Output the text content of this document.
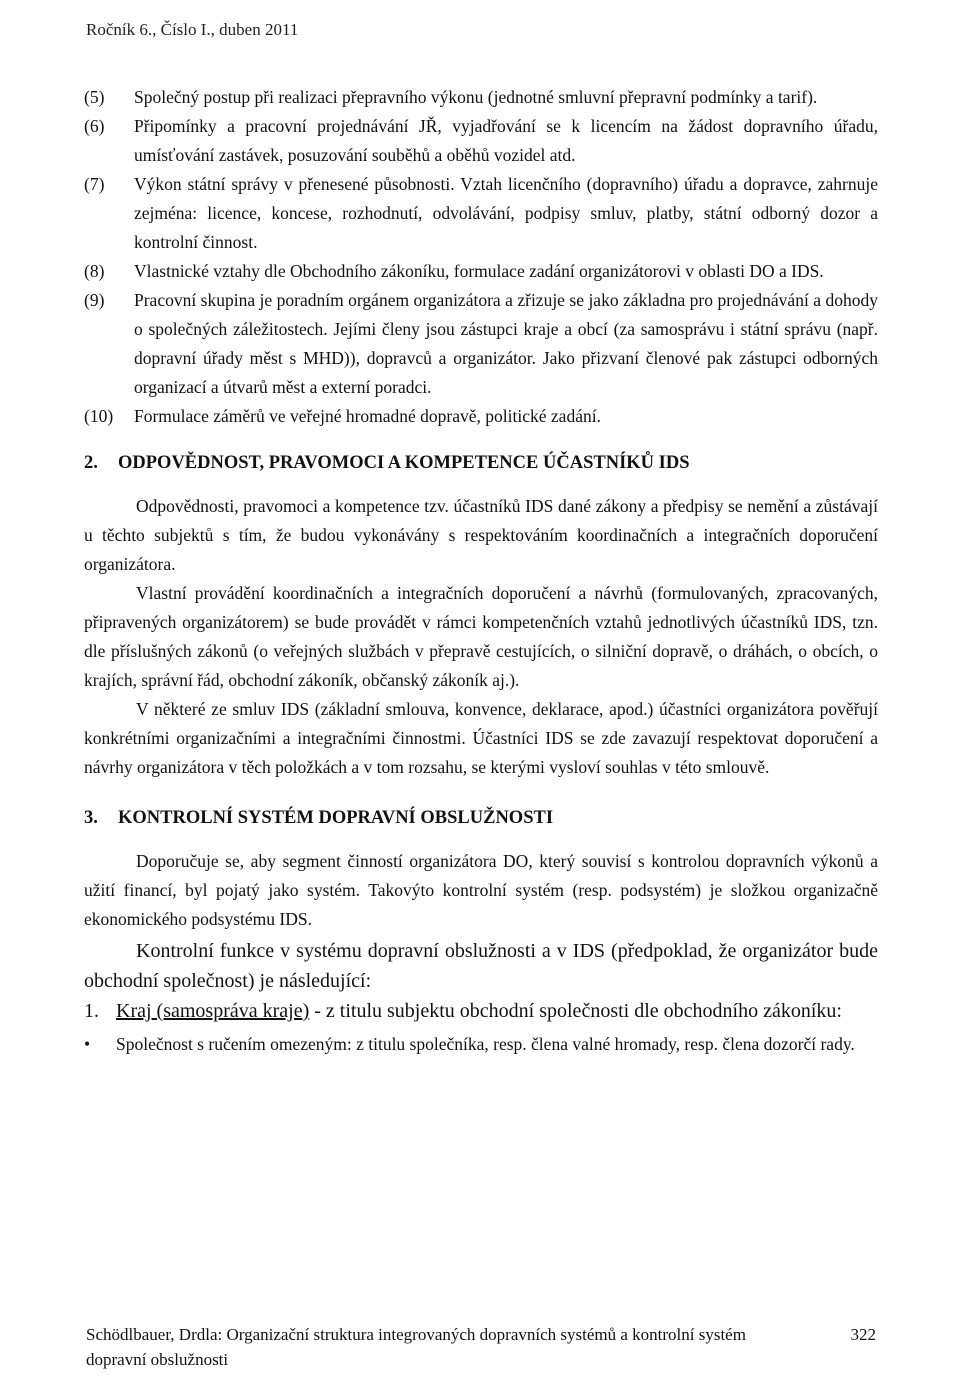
Ročník 6., Číslo I., duben 2011
(5)	Společný postup při realizaci přepravního výkonu (jednotné smluvní přepravní podmínky a tarif).
(6)	Připomínky a pracovní projednávání JŘ, vyjadřování se k licencím na žádost dopravního úřadu, umísťování zastávek, posuzování souběhů a oběhů vozidel atd.
(7)	Výkon státní správy v přenesené působnosti. Vztah licenčního (dopravního) úřadu a dopravce, zahrnuje zejména: licence, koncese, rozhodnutí, odvolávání, podpisy smluv, platby, státní odborný dozor a kontrolní činnost.
(8)	Vlastnické vztahy dle Obchodního zákoníku, formulace zadání organizátorovi v oblasti DO a IDS.
(9)	Pracovní skupina je poradním orgánem organizátora a zřizuje se jako základna pro projednávání a dohody o společných záležitostech. Jejími členy jsou zástupci kraje a obcí (za samosprávu i státní správu (např. dopravní úřady měst s MHD)), dopravců a organizátor. Jako přizvaní členové pak zástupci odborných organizací a útvarů měst a externí poradci.
(10)	Formulace záměrů ve veřejné hromadné dopravě, politické zadání.
2.	ODPOVĚDNOST, PRAVOMOCI A KOMPETENCE ÚČASTNÍKŮ IDS

Odpovědnosti, pravomoci a kompetence tzv. účastníků IDS dané zákony a předpisy se nemění a zůstávají u těchto subjektů s tím, že budou vykonávány s respektováním koordinačních a integračních doporučení organizátora.

Vlastní provádění koordinačních a integračních doporučení a návrhů (formulovaných, zpracovaných, připravených organizátorem) se bude provádět v rámci kompetenčních vztahů jednotlivých účastníků IDS, tzn. dle příslušných zákonů (o veřejných službách v přepravě cestujících, o silniční dopravě, o dráhách, o obcích, o krajích, správní řád, obchodní zákoník, občanský zákoník aj.).

V některé ze smluv IDS (základní smlouva, konvence, deklarace, apod.) účastníci organizátora pověřují konkrétními organizačními a integračními činnostmi. Účastníci IDS se zde zavazují respektovat doporučení a návrhy organizátora v těch položkách a v tom rozsahu, se kterými vysloví souhlas v této smlouvě.

3.	KONTROLNÍ SYSTÉM DOPRAVNÍ OBSLUŽNOSTI

Doporučuje se, aby segment činností organizátora DO, který souvisí s kontrolou dopravních výkonů a užití financí, byl pojatý jako systém. Takovýto kontrolní systém (resp. podsystém) je složkou organizačně ekonomického podsystému IDS.

Kontrolní funkce v systému dopravní obslužnosti a v IDS (předpoklad, že organizátor bude obchodní společnost) je následující:

1. Kraj (samospráva kraje) - z titulu subjektu obchodní společnosti dle obchodního zákoníku:
•	Společnost s ručením omezeným: z titulu společníka, resp. člena valné hromady, resp. člena dozorčí rady.
Schödlbauer, Drdla: Organizační struktura integrovaných dopravních systémů a kontrolní systém dopravní obslužnosti
322
